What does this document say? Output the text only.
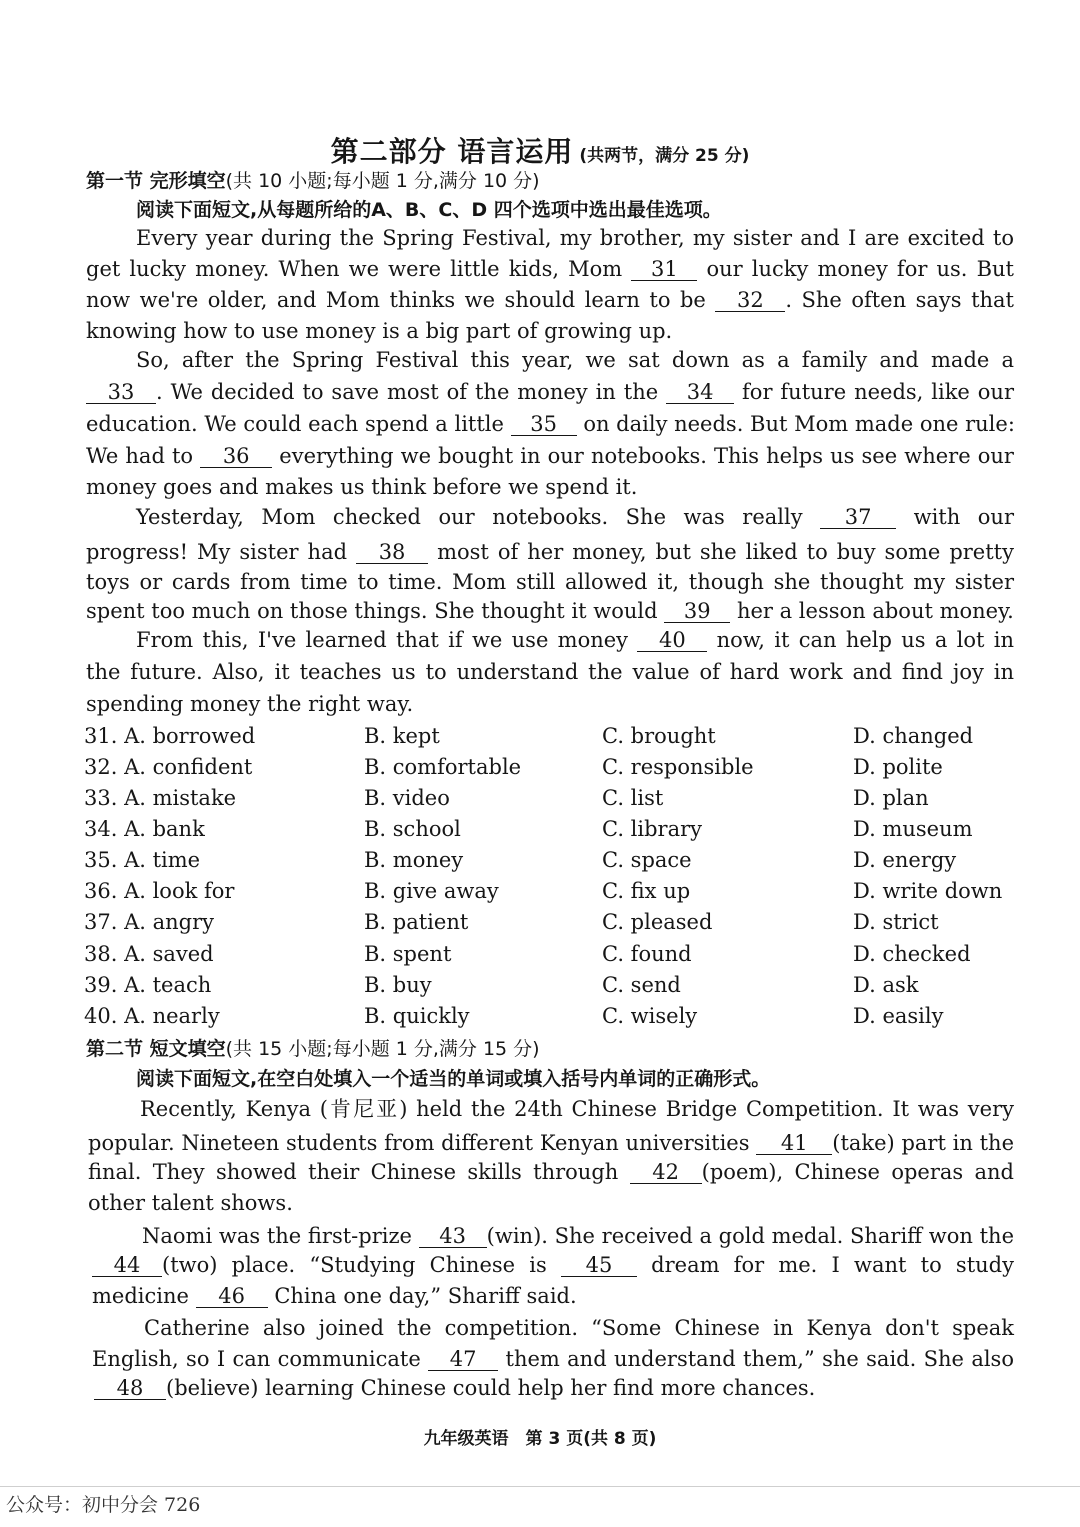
第二部分 语言运用 (共两节，满分 25 分)
第一节 完形填空(共 10 小题;每小题 1 分,满分 10 分)
阅读下面短文,从每题所给的A、B、C、D 四个选项中选出最佳选项。
Every year during the Spring Festival, my brother, my sister and I are excited to
get lucky money. When we were little kids, Mom 31 our lucky money for us. But
now we're older, and Mom thinks we should learn to be 32 . She often says that
knowing how to use money is a big part of growing up.
So, after the Spring Festival this year, we sat down as a family and made a
33 . We decided to save most of the money in the 34 for future needs, like our
education. We could each spend a little 35 on daily needs. But Mom made one rule:
We had to 36 everything we bought in our notebooks. This helps us see where our
money goes and makes us think before we spend it.
Yesterday, Mom checked our notebooks. She was really 37 with our
progress! My sister had 38 most of her money, but she liked to buy some pretty
toys or cards from time to time. Mom still allowed it, though she thought my sister
spent too much on those things. She thought it would 39 her a lesson about money.
From this, I've learned that if we use money 40 now, it can help us a lot in
the future. Also, it teaches us to understand the value of hard work and find joy in
spending money the right way.
31. A. borrowed	B. kept	C. brought	D. changed
32. A. confident	B. comfortable	C. responsible	D. polite
33. A. mistake	B. video	C. list	D. plan
34. A. bank	B. school	C. library	D. museum
35. A. time	B. money	C. space	D. energy
36. A. look for	B. give away	C. fix up	D. write down
37. A. angry	B. patient	C. pleased	D. strict
38. A. saved	B. spent	C. found	D. checked
39. A. teach	B. buy	C. send	D. ask
40. A. nearly	B. quickly	C. wisely	D. easily
第二节 短文填空(共 15 小题;每小题 1 分,满分 15 分)
阅读下面短文,在空白处填入一个适当的单词或填入括号内单词的正确形式。
Recently, Kenya (肯尼亚) held the 24th Chinese Bridge Competition. It was very
popular. Nineteen students from different Kenyan universities 41 (take) part in the
final. They showed their Chinese skills through 42 (poem), Chinese operas and
other talent shows.
Naomi was the first-prize 43 (win). She received a gold medal. Shariff won the
44 (two) place. “Studying Chinese is 45 dream for me. I want to study
medicine 46 China one day,” Shariff said.
Catherine also joined the competition. “Some Chinese in Kenya don't speak
English, so I can communicate 47 them and understand them,” she said. She also
48 (believe) learning Chinese could help her find more chances.
九年级英语　第 3 页(共 8 页)
公众号：初中分会 726
